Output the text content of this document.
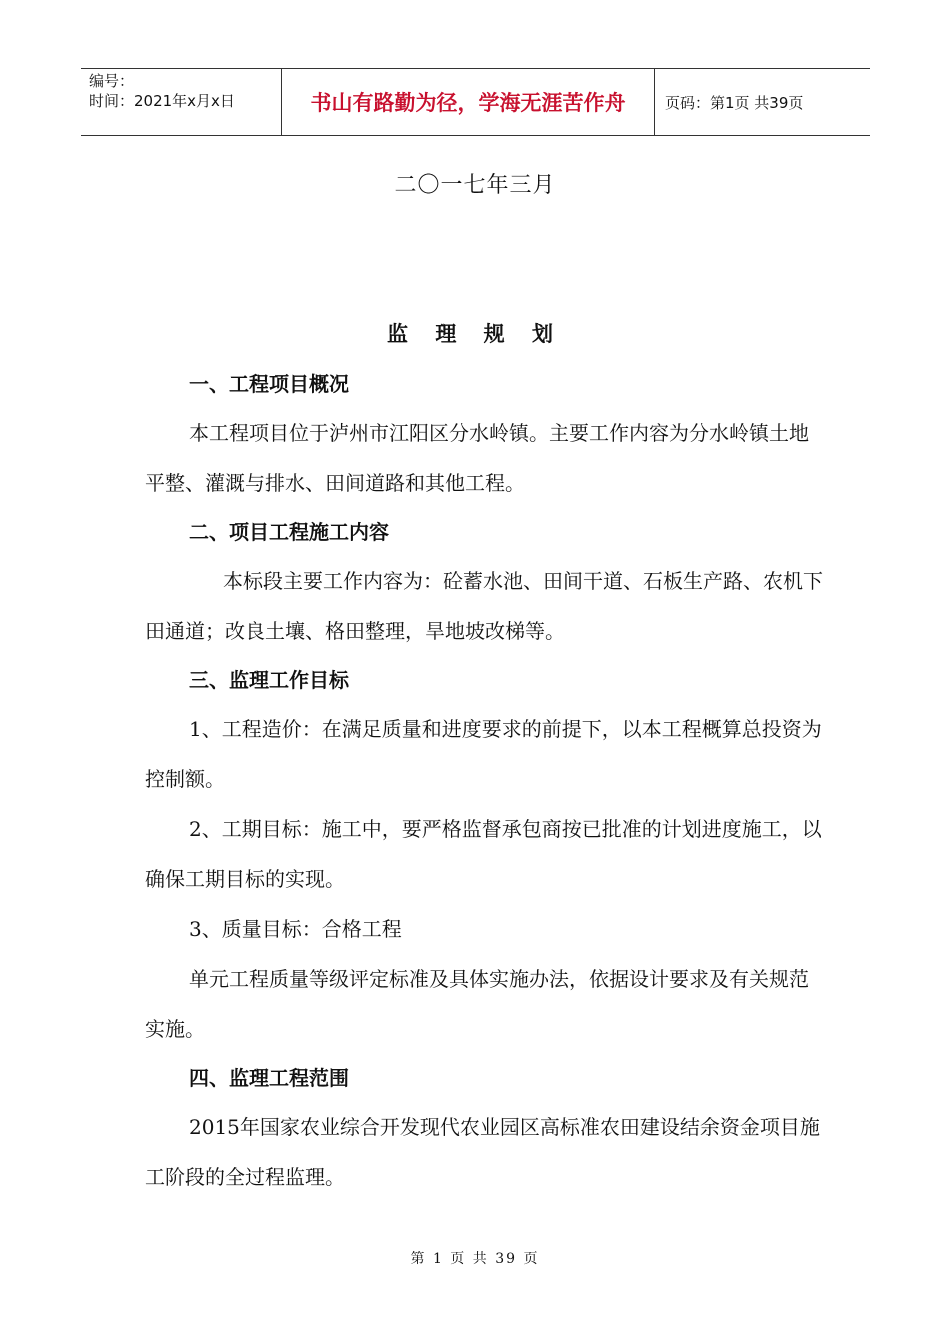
编号：
时间：2021年x月x日	书山有路勤为径，学海无涯苦作舟	页码：第1页 共39页
二〇一七年三月
监 理 规 划

一、工程项目概况

本工程项目位于泸州市江阳区分水岭镇。主要工作内容为分水岭镇土地平整、灌溉与排水、田间道路和其他工程。

二、项目工程施工内容

本标段主要工作内容为：砼蓄水池、田间干道、石板生产路、农机下田通道；改良土壤、格田整理，旱地坡改梯等。

三、监理工作目标

1、工程造价：在满足质量和进度要求的前提下，以本工程概算总投资为控制额。

2、工期目标：施工中，要严格监督承包商按已批准的计划进度施工，以确保工期目标的实现。

3、质量目标：合格工程

单元工程质量等级评定标准及具体实施办法，依据设计要求及有关规范实施。

四、监理工程范围

2015年国家农业综合开发现代农业园区高标准农田建设结余资金项目施工阶段的全过程监理。

第 1 页 共 39 页
